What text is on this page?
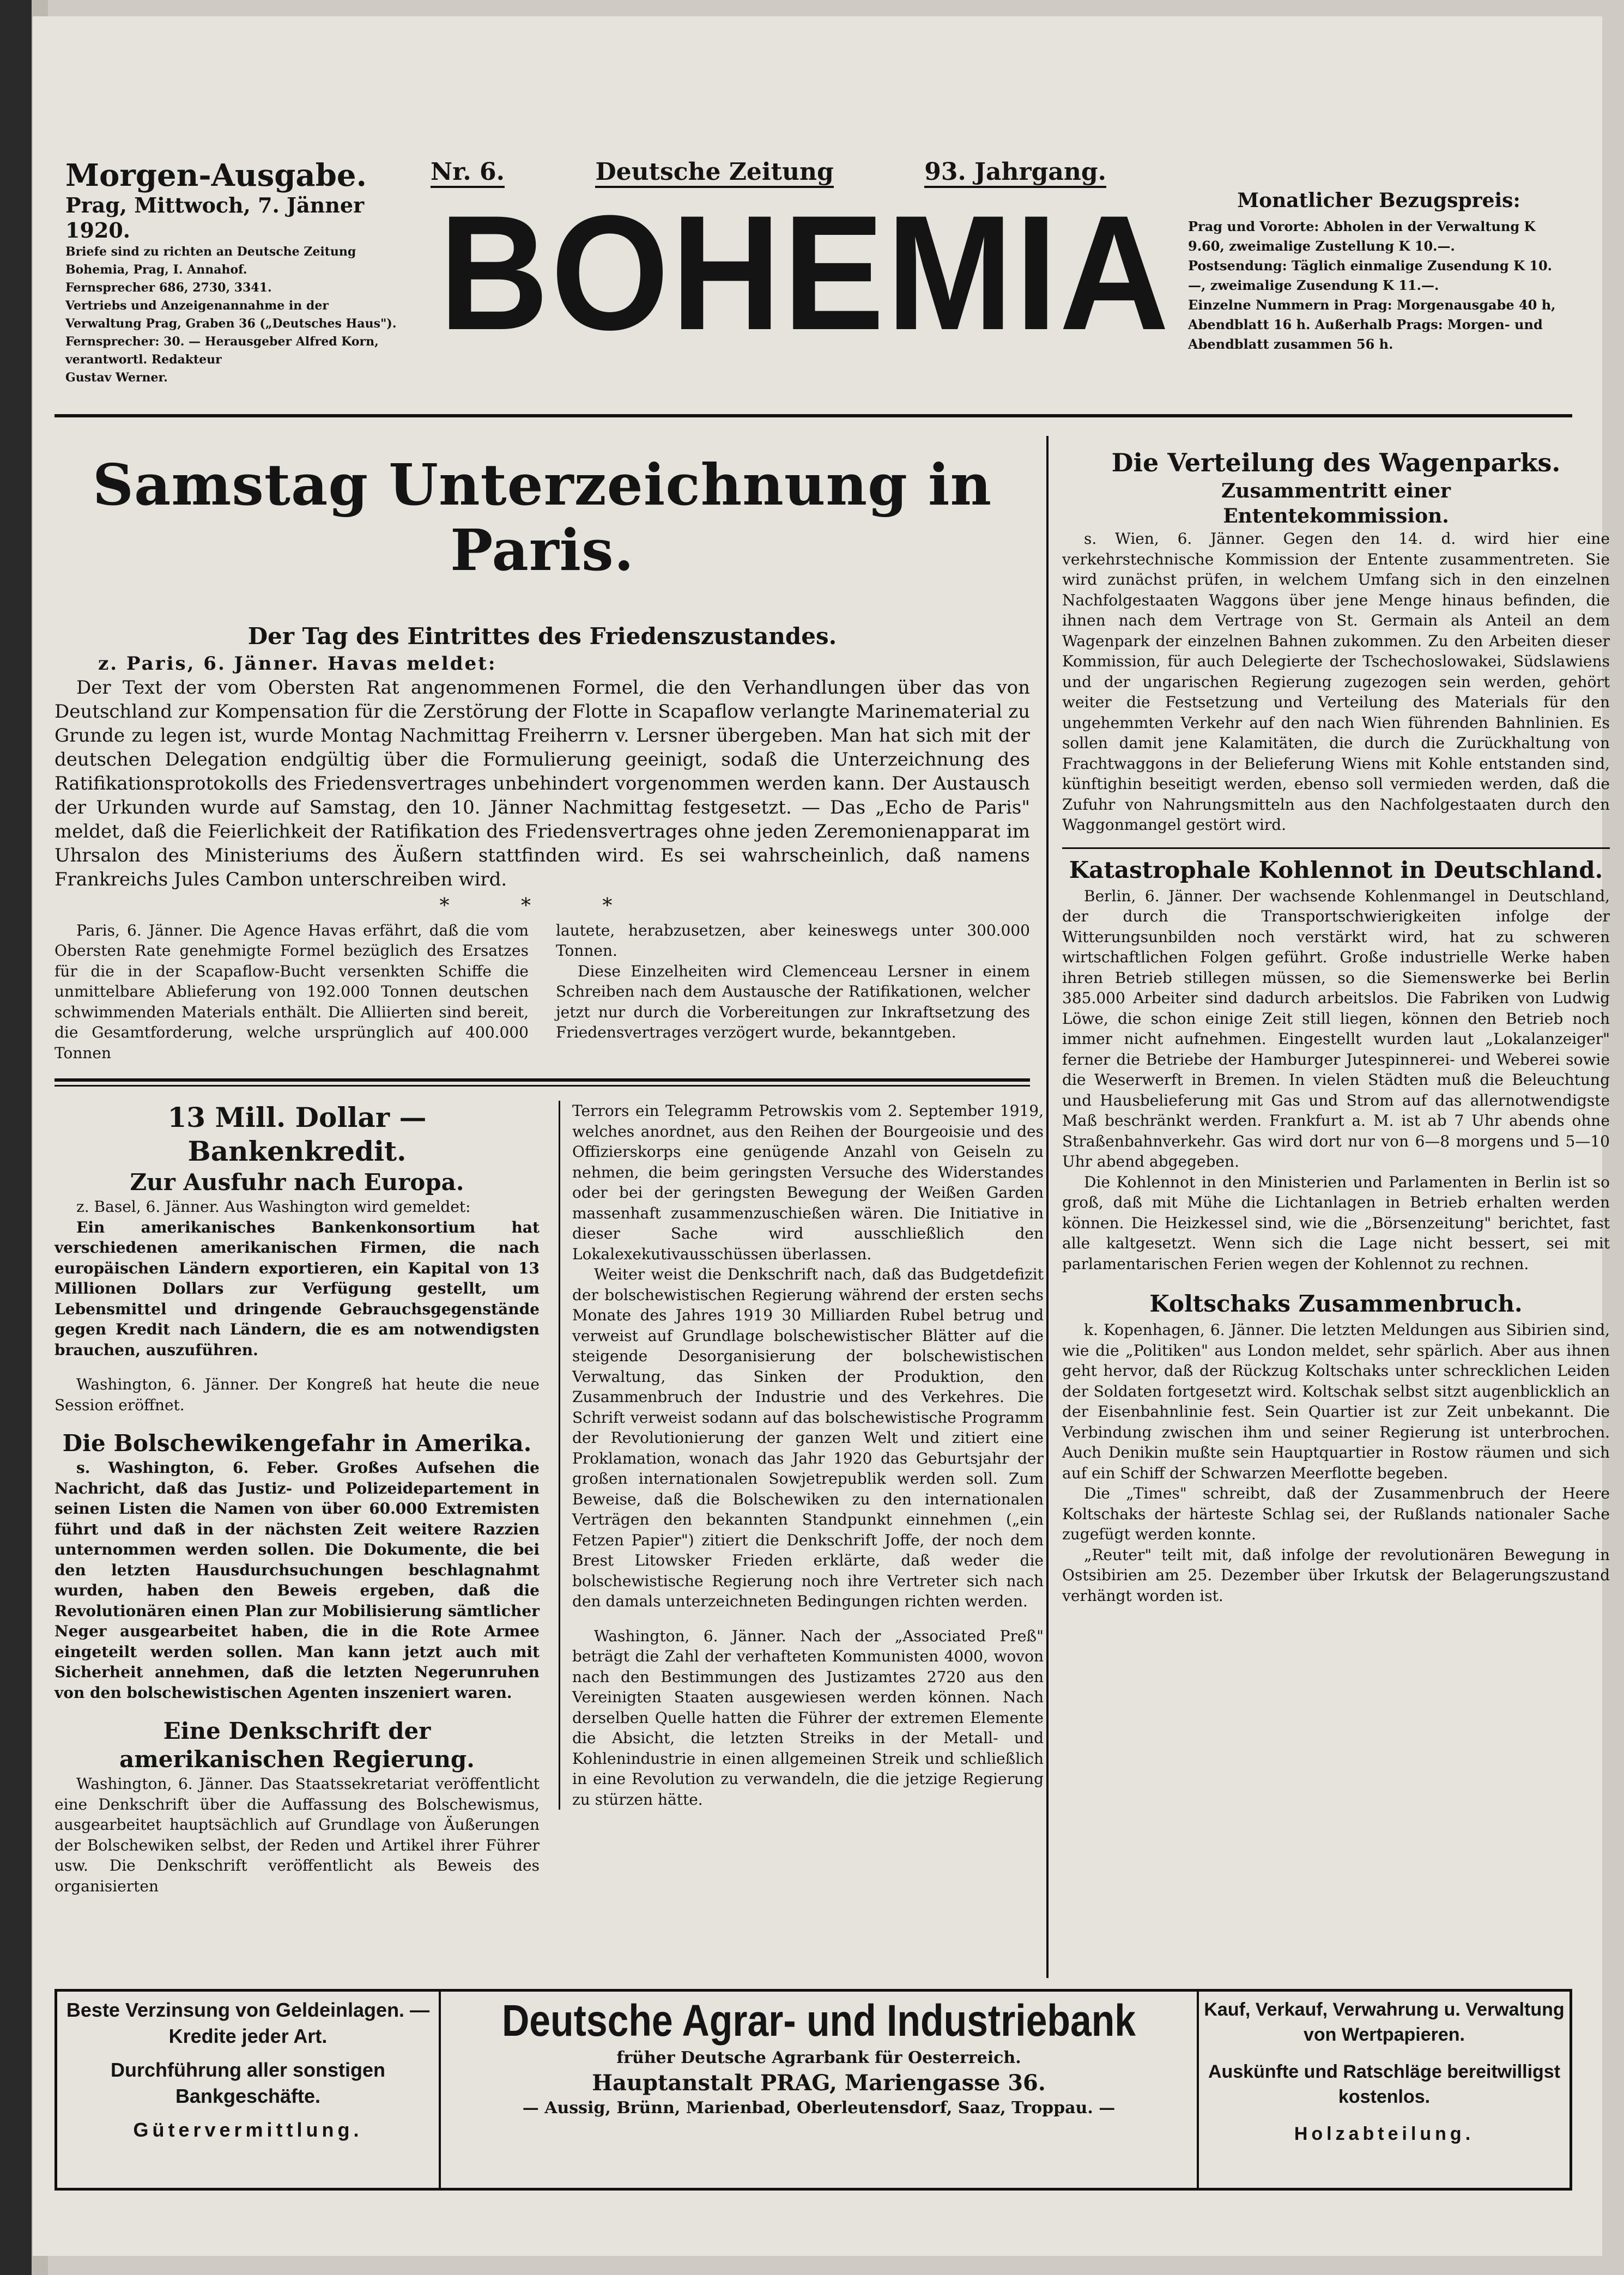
Morgen-Ausgabe.

Prag, Mittwoch, 7. Jänner 1920.

Briefe sind zu richten an Deutsche Zeitung

Bohemia, Prag, I. Annahof.

Fernsprecher 686, 2730, 3341.

Vertriebs und Anzeigenannahme in der

Verwaltung Prag, Graben 36 („Deutsches Haus"). Fernsprecher: 30. — Herausgeber Alfred Korn, verantwortl. Redakteur

Gustav Werner.

Nr. 6.	Deutsche Zeitung	93. Jahrgang.
BOHEMIA	Monatlicher Bezugspreis:

Prag und Vororte: Abholen in der Verwaltung K 9.60, zweimalige Zustellung K 10.—.

Postsendung: Täglich einmalige Zusendung K 10.—, zweimalige Zusendung K 11.—.

Einzelne Nummern in Prag: Morgenausgabe 40 h, Abendblatt 16 h. Außerhalb Prags: Morgen- und Abendblatt zusammen 56 h.

Samstag Unterzeichnung in Paris.

Der Tag des Eintrittes des Friedenszustandes.

z. Paris, 6. Jänner. Havas meldet:

Der Text der vom Obersten Rat angenommenen Formel, die den Verhandlungen über das von Deutschland zur Kompensation für die Zerstörung der Flotte in Scapaflow verlangte Marinematerial zu Grunde zu legen ist, wurde Montag Nachmittag Freiherrn v. Lersner übergeben. Man hat sich mit der deutschen Delegation endgültig über die Formulierung geeinigt, sodaß die Unterzeichnung des Ratifikationsprotokolls des Friedensvertrages unbehindert vorgenommen werden kann. Der Austausch der Urkunden wurde auf Samstag, den 10. Jänner Nachmittag festgesetzt. — Das „Echo de Paris" meldet, daß die Feierlichkeit der Ratifikation des Friedensvertrages ohne jeden Zeremonienapparat im Uhrsalon des Ministeriums des Äußern stattfinden wird. Es sei wahrscheinlich, daß namens Frankreichs Jules Cambon unterschreiben wird.

* * *

Paris, 6. Jänner. Die Agence Havas erfährt, daß die vom Obersten Rate genehmigte Formel bezüglich des Ersatzes für die in der Scapaflow-Bucht versenkten Schiffe die unmittelbare Ablieferung von 192.000 Tonnen deutschen schwimmenden Materials enthält. Die Alliierten sind bereit, die Gesamtforderung, welche ursprünglich auf 400.000 Tonnen

lautete, herabzusetzen, aber keineswegs unter 300.000 Tonnen.

Diese Einzelheiten wird Clemenceau Lersner in einem Schreiben nach dem Austausche der Ratifikationen, welcher jetzt nur durch die Vorbereitungen zur Inkraftsetzung des Friedensvertrages verzögert wurde, bekanntgeben.

13 Mill. Dollar — Bankenkredit.

Zur Ausfuhr nach Europa.

z. Basel, 6. Jänner. Aus Washington wird gemeldet:

Ein amerikanisches Bankenkonsortium hat verschiedenen amerikanischen Firmen, die nach europäischen Ländern exportieren, ein Kapital von 13 Millionen Dollars zur Verfügung gestellt, um Lebensmittel und dringende Gebrauchsgegenstände gegen Kredit nach Ländern, die es am notwendigsten brauchen, auszuführen.

Washington, 6. Jänner. Der Kongreß hat heute die neue Session eröffnet.

Die Bolschewikengefahr in Amerika.

s. Washington, 6. Feber. Großes Aufsehen die Nachricht, daß das Justiz- und Polizeidepartement in seinen Listen die Namen von über 60.000 Extremisten führt und daß in der nächsten Zeit weitere Razzien unternommen werden sollen. Die Dokumente, die bei den letzten Hausdurchsuchungen beschlagnahmt wurden, haben den Beweis ergeben, daß die Revolutionären einen Plan zur Mobilisierung sämtlicher Neger ausgearbeitet haben, die in die Rote Armee eingeteilt werden sollen. Man kann jetzt auch mit Sicherheit annehmen, daß die letzten Negerunruhen von den bolschewistischen Agenten inszeniert waren.

Eine Denkschrift der amerikanischen Regierung.

Washington, 6. Jänner. Das Staatssekretariat veröffentlicht eine Denkschrift über die Auffassung des Bolschewismus, ausgearbeitet hauptsächlich auf Grundlage von Äußerungen der Bolschewiken selbst, der Reden und Artikel ihrer Führer usw. Die Denkschrift veröffentlicht als Beweis des organisierten

Terrors ein Telegramm Petrowskis vom 2. September 1919, welches anordnet, aus den Reihen der Bourgeoisie und des Offizierskorps eine genügende Anzahl von Geiseln zu nehmen, die beim geringsten Versuche des Widerstandes oder bei der geringsten Bewegung der Weißen Garden massenhaft zusammenzuschießen wären. Die Initiative in dieser Sache wird ausschließlich den Lokalexekutivausschüssen überlassen.

Weiter weist die Denkschrift nach, daß das Budgetdefizit der bolschewistischen Regierung während der ersten sechs Monate des Jahres 1919 30 Milliarden Rubel betrug und verweist auf Grundlage bolschewistischer Blätter auf die steigende Desorganisierung der bolschewistischen Verwaltung, das Sinken der Produktion, den Zusammenbruch der Industrie und des Verkehres. Die Schrift verweist sodann auf das bolschewistische Programm der Revolutionierung der ganzen Welt und zitiert eine Proklamation, wonach das Jahr 1920 das Geburtsjahr der großen internationalen Sowjetrepublik werden soll. Zum Beweise, daß die Bolschewiken zu den internationalen Verträgen den bekannten Standpunkt einnehmen („ein Fetzen Papier") zitiert die Denkschrift Joffe, der noch dem Brest Litowsker Frieden erklärte, daß weder die bolschewistische Regierung noch ihre Vertreter sich nach den damals unterzeichneten Bedingungen richten werden.

Washington, 6. Jänner. Nach der „Associated Preß" beträgt die Zahl der verhafteten Kommunisten 4000, wovon nach den Bestimmungen des Justizamtes 2720 aus den Vereinigten Staaten ausgewiesen werden können. Nach derselben Quelle hatten die Führer der extremen Elemente die Absicht, die letzten Streiks in der Metall- und Kohlenindustrie in einen allgemeinen Streik und schließlich in eine Revolution zu verwandeln, die die jetzige Regierung zu stürzen hätte.

Die Verteilung des Wagenparks.

Zusammentritt einer Ententekommission.

s. Wien, 6. Jänner. Gegen den 14. d. wird hier eine verkehrstechnische Kommission der Entente zusammentreten. Sie wird zunächst prüfen, in welchem Umfang sich in den einzelnen Nachfolgestaaten Waggons über jene Menge hinaus befinden, die ihnen nach dem Vertrage von St. Germain als Anteil an dem Wagenpark der einzelnen Bahnen zukommen. Zu den Arbeiten dieser Kommission, für auch Delegierte der Tschechoslowakei, Südslawiens und der ungarischen Regierung zugezogen sein werden, gehört weiter die Festsetzung und Verteilung des Materials für den ungehemmten Verkehr auf den nach Wien führenden Bahnlinien. Es sollen damit jene Kalamitäten, die durch die Zurückhaltung von Frachtwaggons in der Belieferung Wiens mit Kohle entstanden sind, künftighin beseitigt werden, ebenso soll vermieden werden, daß die Zufuhr von Nahrungsmitteln aus den Nachfolgestaaten durch den Waggonmangel gestört wird.

Katastrophale Kohlennot in Deutschland.

Berlin, 6. Jänner. Der wachsende Kohlenmangel in Deutschland, der durch die Transportschwierigkeiten infolge der Witterungsunbilden noch verstärkt wird, hat zu schweren wirtschaftlichen Folgen geführt. Große industrielle Werke haben ihren Betrieb stillegen müssen, so die Siemenswerke bei Berlin 385.000 Arbeiter sind dadurch arbeitslos. Die Fabriken von Ludwig Löwe, die schon einige Zeit still liegen, können den Betrieb noch immer nicht aufnehmen. Eingestellt wurden laut „Lokalanzeiger" ferner die Betriebe der Hamburger Jutespinnerei- und Weberei sowie die Weserwerft in Bremen. In vielen Städten muß die Beleuchtung und Hausbelieferung mit Gas und Strom auf das allernotwendigste Maß beschränkt werden. Frankfurt a. M. ist ab 7 Uhr abends ohne Straßenbahnverkehr. Gas wird dort nur von 6—8 morgens und 5—10 Uhr abend abgegeben.

Die Kohlennot in den Ministerien und Parlamenten in Berlin ist so groß, daß mit Mühe die Lichtanlagen in Betrieb erhalten werden können. Die Heizkessel sind, wie die „Börsenzeitung" berichtet, fast alle kaltgesetzt. Wenn sich die Lage nicht bessert, sei mit parlamentarischen Ferien wegen der Kohlennot zu rechnen.

Koltschaks Zusammenbruch.

k. Kopenhagen, 6. Jänner. Die letzten Meldungen aus Sibirien sind, wie die „Politiken" aus London meldet, sehr spärlich. Aber aus ihnen geht hervor, daß der Rückzug Koltschaks unter schrecklichen Leiden der Soldaten fortgesetzt wird. Koltschak selbst sitzt augenblicklich an der Eisenbahnlinie fest. Sein Quartier ist zur Zeit unbekannt. Die Verbindung zwischen ihm und seiner Regierung ist unterbrochen. Auch Denikin mußte sein Hauptquartier in Rostow räumen und sich auf ein Schiff der Schwarzen Meerflotte begeben.

Die „Times" schreibt, daß der Zusammenbruch der Heere Koltschaks der härteste Schlag sei, der Rußlands nationaler Sache zugefügt werden konnte.

„Reuter" teilt mit, daß infolge der revolutionären Bewegung in Ostsibirien am 25. Dezember über Irkutsk der Belagerungszustand verhängt worden ist.

Beste Verzinsung von Geldeinlagen. — Kredite jeder Art.

Durchführung aller sonstigen Bankgeschäfte.

Gütervermittlung.

Deutsche Agrar- und Industriebank

früher Deutsche Agrarbank für Oesterreich.

Hauptanstalt PRAG, Mariengasse 36.

— Aussig, Brünn, Marienbad, Oberleutensdorf, Saaz, Troppau. —

Kauf, Verkauf, Verwahrung u. Verwaltung von Wertpapieren.

Auskünfte und Ratschläge bereitwilligst kostenlos.

Holzabteilung.
